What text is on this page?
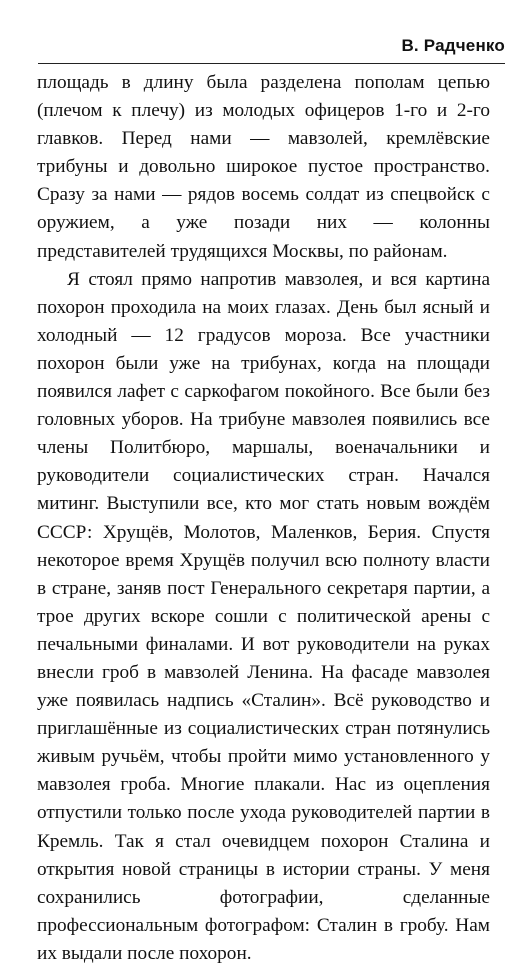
В. Радченко

площадь в длину была разделена пополам цепью (плечом к плечу) из молодых офицеров 1-го и 2-го главков. Перед нами — мавзолей, кремлёвские трибуны и довольно широкое пустое пространство. Сразу за нами — рядов восемь солдат из спецвойск с оружием, а уже позади них — колонны представителей трудящихся Москвы, по районам.

Я стоял прямо напротив мавзолея, и вся картина похорон проходила на моих глазах. День был ясный и холодный — 12 градусов мороза. Все участники похорон были уже на трибунах, когда на площади появился лафет с саркофагом покойного. Все были без головных уборов. На трибуне мавзолея появились все члены Политбюро, маршалы, военачальники и руководители социалистических стран. Начался митинг. Выступили все, кто мог стать новым вождём СССР: Хрущёв, Молотов, Маленков, Берия. Спустя некоторое время Хрущёв получил всю полноту власти в стране, заняв пост Генерального секретаря партии, а трое других вскоре сошли с политической арены с печальными финалами. И вот руководители на руках внесли гроб в мавзолей Ленина. На фасаде мавзолея уже появилась надпись «Сталин». Всё руководство и приглашённые из социалистических стран потянулись живым ручьём, чтобы пройти мимо установленного у мавзолея гроба. Многие плакали. Нас из оцепления отпустили только после ухода руководителей партии в Кремль. Так я стал очевидцем похорон Сталина и открытия новой страницы в истории страны. У меня сохранились фотографии, сделанные профессиональным фотографом: Сталин в гробу. Нам их выдали после похорон.
